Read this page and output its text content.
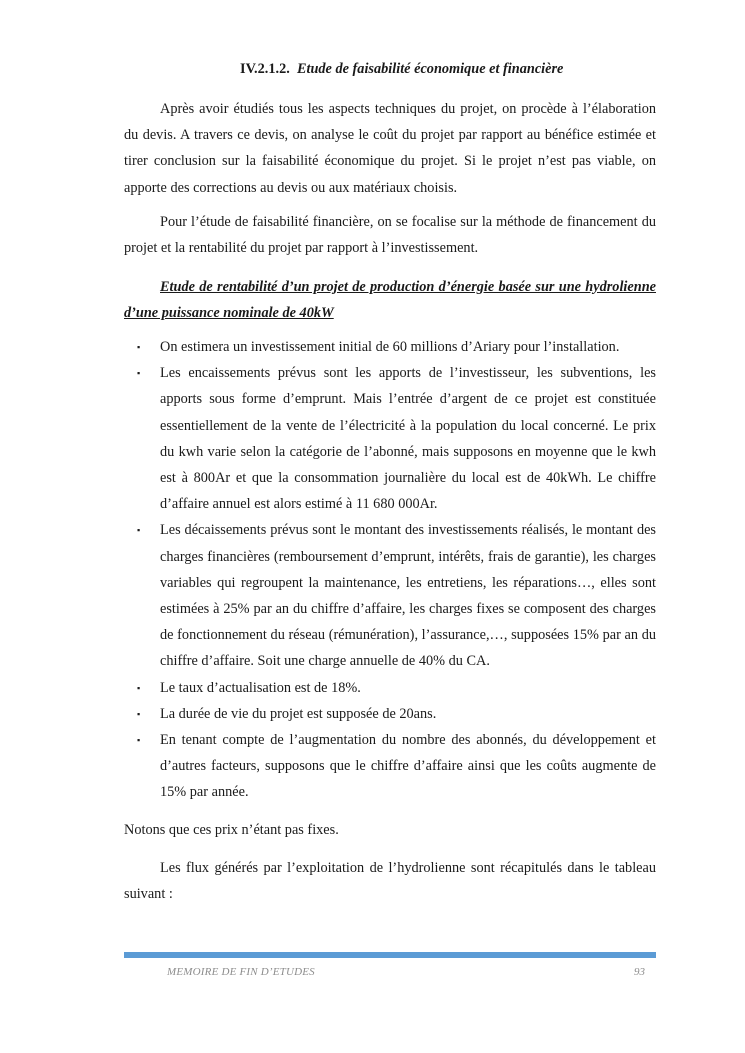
IV.2.1.2. Etude de faisabilité économique et financière

Après avoir étudiés tous les aspects techniques du projet, on procède à l’élaboration du devis. A travers ce devis, on analyse le coût du projet par rapport au bénéfice estimée et tirer conclusion sur la faisabilité économique du projet. Si le projet n’est pas viable, on apporte des corrections au devis ou aux matériaux choisis.

Pour l’étude de faisabilité financière, on se focalise sur la méthode de financement du projet et la rentabilité du projet par rapport à l’investissement.

Etude de rentabilité d’un projet de production d’énergie basée sur une hydrolienne d’une puissance nominale de 40kW

▪ On estimera un investissement initial de 60 millions d’Ariary pour l’installation.
▪ Les encaissements prévus sont les apports de l’investisseur, les subventions, les apports sous forme d’emprunt. Mais l’entrée d’argent de ce projet est constituée essentiellement de la vente de l’électricité à la population du local concerné. Le prix du kwh varie selon la catégorie de l’abonné, mais supposons en moyenne que le kwh est à 800Ar et que la consommation journalière du local est de 40kWh. Le chiffre d’affaire annuel est alors estimé à 11 680 000Ar.
▪ Les décaissements prévus sont le montant des investissements réalisés, le montant des charges financières (remboursement d’emprunt, intérêts, frais de garantie), les charges variables qui regroupent la maintenance, les entretiens, les réparations…, elles sont estimées à 25% par an du chiffre d’affaire, les charges fixes se composent des charges de fonctionnement du réseau (rémunération), l’assurance,…, supposées 15% par an du chiffre d’affaire. Soit une charge annuelle de 40% du CA.
▪ Le taux d’actualisation est de 18%.
▪ La durée de vie du projet est supposée de 20ans.
▪ En tenant compte de l’augmentation du nombre des abonnés, du développement et d’autres facteurs, supposons que le chiffre d’affaire ainsi que les coûts augmente de 15% par année.

Notons que ces prix n’étant pas fixes.

Les flux générés par l’exploitation de l’hydrolienne sont récapitulés dans le tableau suivant :

MEMOIRE DE FIN D’ETUDES	93
